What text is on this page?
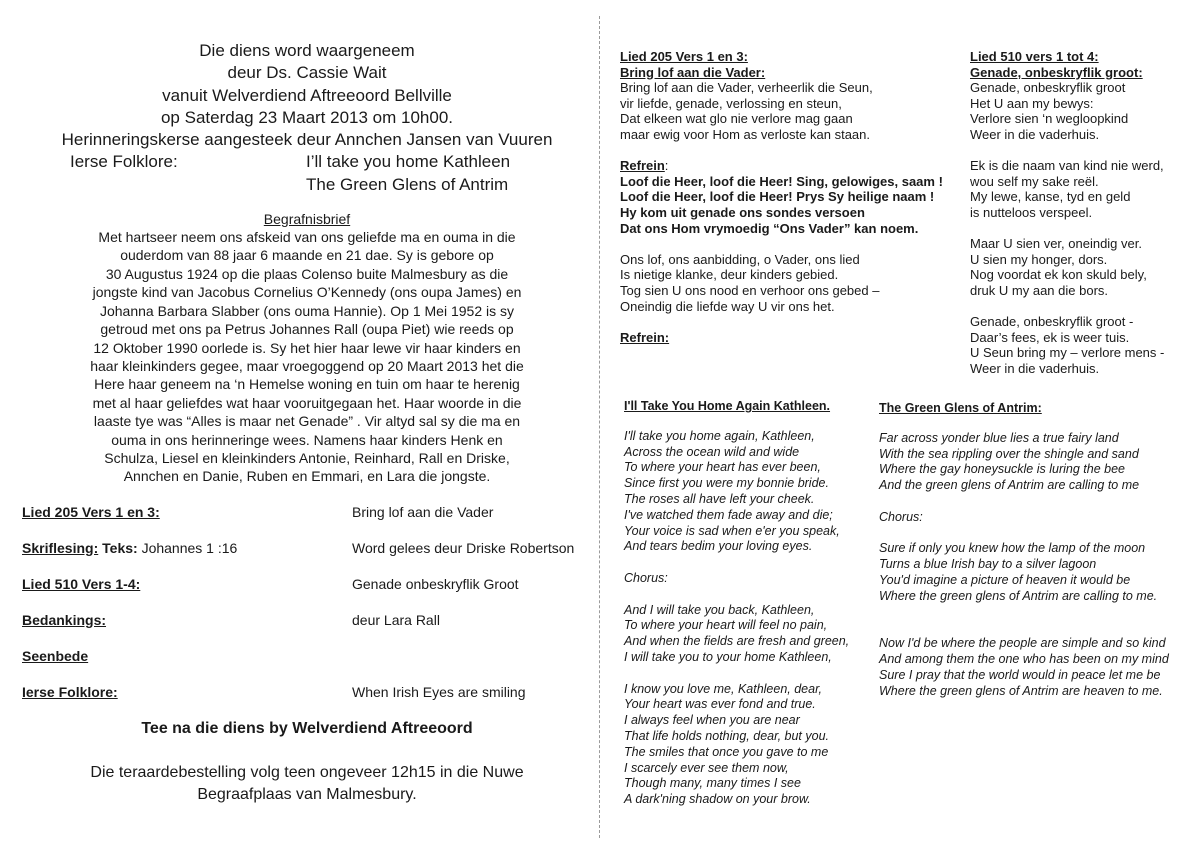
Die diens word waargeneem
deur Ds. Cassie Wait
vanuit Welverdiend Aftreeoord Bellville
op Saterdag 23 Maart 2013 om 10h00.
Herinneringskerse aangesteek deur Annchen Jansen van Vuuren
Ierse Folklore:	I’ll take you home Kathleen
The Green Glens of Antrim
Begrafnisbrief
Met hartseer neem ons afskeid van ons geliefde ma en ouma in die
ouderdom van 88 jaar 6 maande en 21 dae. Sy is gebore op
30 Augustus 1924 op die plaas Colenso buite Malmesbury as die
jongste kind van Jacobus Cornelius O’Kennedy (ons oupa James) en
Johanna Barbara Slabber (ons ouma Hannie). Op 1 Mei 1952 is sy
getroud met ons pa Petrus Johannes Rall (oupa Piet) wie reeds op
12 Oktober 1990 oorlede is. Sy het hier haar lewe vir haar kinders en
haar kleinkinders gegee, maar vroegoggend op 20 Maart 2013 het die
Here haar geneem na ‘n Hemelse woning en tuin om haar te herenig
met al haar geliefdes wat haar vooruitgegaan het. Haar woorde in die
laaste tye was “Alles is maar net Genade” . Vir altyd sal sy die ma en
ouma in ons herinneringe wees. Namens haar kinders Henk en
Schulza, Liesel en kleinkinders Antonie, Reinhard, Rall en Driske,
Annchen en Danie, Ruben en Emmari, en Lara die jongste.
Lied 205 Vers 1 en 3:	Bring lof aan die Vader
Skriflesing: Teks: Johannes 1 :16	Word gelees deur Driske Robertson
Lied 510 Vers 1-4:	Genade onbeskryflik Groot
Bedankings:	deur Lara Rall
Seenbede
Ierse Folklore:	When Irish Eyes are smiling
Tee na die diens by Welverdiend Aftreeoord
Die teraardebestelling volg teen ongeveer 12h15 in die Nuwe
Begraafplaas van Malmesbury.
Lied 205 Vers 1 en 3:
Bring lof aan die Vader:
Bring lof aan die Vader, verheerlik die Seun,
vir liefde, genade, verlossing en steun,
Dat elkeen wat glo nie verlore mag gaan
maar ewig voor Hom as verloste kan staan.
Refrein:
Loof die Heer, loof die Heer! Sing, gelowiges, saam !
Loof die Heer, loof die Heer! Prys Sy heilige naam !
Hy kom uit genade ons sondes versoen
Dat ons Hom vrymoedig “Ons Vader” kan noem.
Ons lof, ons aanbidding, o Vader, ons lied
Is nietige klanke, deur kinders gebied.
Tog sien U ons nood en verhoor ons gebed –
Oneindig die liefde way U vir ons het.
Refrein:
Lied 510 vers 1 tot 4:
Genade, onbeskryflik groot:
Genade, onbeskryflik groot
Het U aan my bewys:
Verlore sien ‘n wegloopkind
Weer in die vaderhuis.
Ek is die naam van kind nie werd,
wou self my sake reël.
My lewe, kanse, tyd en geld
is nutteloos verspeel.
Maar U sien ver, oneindig ver.
U sien my honger, dors.
Nog voordat ek kon skuld bely,
druk U my aan die bors.
Genade, onbeskryflik groot -
Daar’s fees, ek is weer tuis.
U Seun bring my – verlore mens -
Weer in die vaderhuis.
I'll Take You Home Again Kathleen.
I'll take you home again, Kathleen,
Across the ocean wild and wide
To where your heart has ever been,
Since first you were my bonnie bride.
The roses all have left your cheek.
I've watched them fade away and die;
Your voice is sad when e'er you speak,
And tears bedim your loving eyes.
Chorus:
And I will take you back, Kathleen,
To where your heart will feel no pain,
And when the fields are fresh and green,
I will take you to your home Kathleen,
I know you love me, Kathleen, dear,
Your heart was ever fond and true.
I always feel when you are near
That life holds nothing, dear, but you.
The smiles that once you gave to me
I scarcely ever see them now,
Though many, many times I see
A dark'ning shadow on your brow.
The Green Glens of Antrim:
Far across yonder blue lies a true fairy land
With the sea rippling over the shingle and sand
Where the gay honeysuckle is luring the bee
And the green glens of Antrim are calling to me
Chorus:
Sure if only you knew how the lamp of the moon
Turns a blue Irish bay to a silver lagoon
You'd imagine a picture of heaven it would be
Where the green glens of Antrim are calling to me.
Now I'd be where the people are simple and so kind
And among them the one who has been on my mind
Sure I pray that the world would in peace let me be
Where the green glens of Antrim are heaven to me.
